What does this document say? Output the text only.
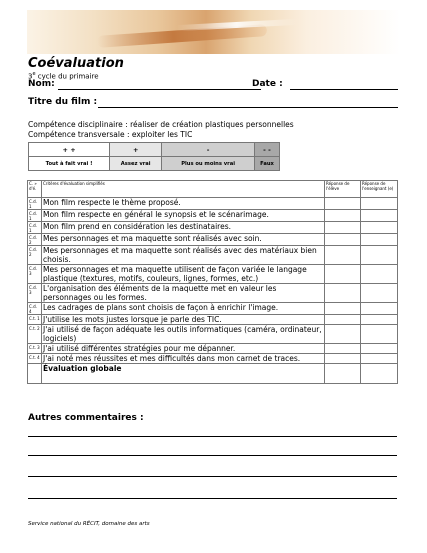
Coévaluation
3e cycle du primaire
Nom:	Date :
Titre du film :
Compétence disciplinaire : réaliser de création plastiques personnelles
Compétence transversale : exploiter les TIC
+ +	+	-	- -
Tout à fait vrai !	Assez vrai	Plus ou moins vrai	Faux
C. » d'é.	Critères d'évaluation simplifiés	Réponse de l'élève	Réponse de l'enseignant (e)
C.d. 1	Mon film respecte le thème proposé.		
C.d. 1	Mon film respecte en général le synopsis et le scénarimage.		
C.d. 1	Mon film prend en considération les destinataires.		
C.d. 2	Mes personnages et ma maquette sont réalisés avec soin.		
C.d. 2	Mes personnages et ma maquette sont réalisés avec des matériaux bien choisis.		
C.d. 3	Mes personnages et ma maquette utilisent de façon variée le langage plastique (textures, motifs, couleurs, lignes, formes, etc.)		
C.d. 3	L'organisation des éléments de la maquette met en valeur les personnages ou les formes.		
C.d. 4	Les cadrages de plans sont choisis de façon à enrichir l'image.		
C.t. 1	J'utilise les mots justes lorsque je parle des TIC.		
C.t. 2	J'ai utilisé de façon adéquate les outils informatiques (caméra, ordinateur, logiciels)		
C.t. 3	J'ai utilisé différentes stratégies pour me dépanner.		
C.t. 4	J'ai noté mes réussites et mes difficultés dans mon carnet de traces.		
	Évaluation globale		
Autres commentaires :
Service national du RÉCIT, domaine des arts
